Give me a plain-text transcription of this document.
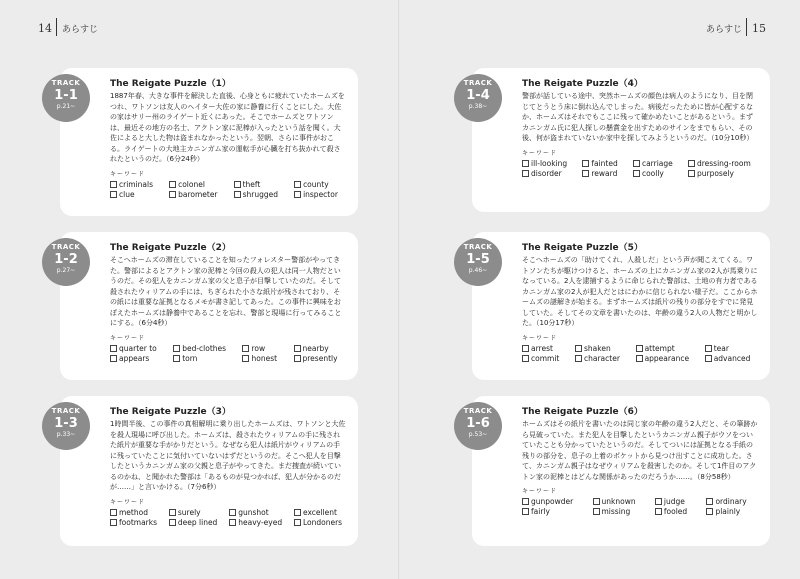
14 あらすじ
TRACK
1-1
p.21~
The Reigate Puzzle（1）

1887年春、大きな事件を解決した直後、心身ともに疲れていたホームズをつれ、ワトソンは友人のヘイター大佐の家に静養に行くことにした。大佐の家はサリー州のライゲート近くにあった。そこでホームズとワトソンは、最近その地方の名士、アクトン家に泥棒が入ったという話を聞く。大佐によると大した物は盗まれなかったという。翌朝、さらに事件がおこる。ライゲートの大地主カニンガム家の運転手が心臓を打ち抜かれて殺されたというのだ。（6分24秒）

キーワード
criminals	colonel	theft	county
clue	barometer	shrugged	inspector
TRACK
1-2
p.27~
The Reigate Puzzle（2）

そこへホームズの滞在していることを知ったフォレスター警部がやってきた。警部によるとアクトン家の泥棒と今回の殺人の犯人は同一人物だというのだ。その犯人をカニンガム家の父と息子が目撃していたのだ。そして殺されたウィリアムの手には、ちぎられた小さな紙片が残されており、その紙には重要な証拠となるメモが書き記してあった。この事件に興味をおぼえたホームズは静養中であることを忘れ、警部と現場に行ってみることにする。（6分4秒）

キーワード
quarter to	bed-clothes	row	nearby
appears	torn	honest	presently
TRACK
1-3
p.33~
The Reigate Puzzle（3）

1時間半後、この事件の真相解明に乗り出したホームズは、ワトソンと大佐を殺人現場に呼び出した。ホームズは、殺されたウィリアムの手に残された紙片が重要な手がかりだという。なぜなら犯人は紙片がウィリアムの手に残っていたことに気付いていないはずだというのだ。そこへ犯人を目撃したというカニンガム家の父親と息子がやってきた。まだ捜査が続いているのかね、と聞かれた警部は「あるものが見つかれば、犯人が分かるのだが……」と言いかける。（7分6秒）

キーワード
method	surely	gunshot	excellent
footmarks	deep lined	heavy-eyed	Londoners
あらすじ 15
TRACK
1-4
p.38~
The Reigate Puzzle（4）

警部が話している途中、突然ホームズの顔色は病人のようになり、目を閉じてとうとう床に倒れ込んでしまった。病後だったために皆が心配するなか、ホームズはそれでもここに残って確かめたいことがあるという。まずカニンガム氏に犯人探しの懸賞金を出すためのサインをまでもらい、その後、何が盗まれていないか家中を探してみようというのだ。（10分10秒）

キーワード
ill-looking	fainted	carriage	dressing-room
disorder	reward	coolly	purposely
TRACK
1-5
p.46~
The Reigate Puzzle（5）

そこへホームズの「助けてくれ、人殺しだ」という声が聞こえてくる。ワトソンたちが駆けつけると、ホームズの上にカニンガム家の2人が馬乗りになっている。2人を逮捕するように命じられた警部は、土地の有力者であるカニンガム家の2人が犯人だとはにわかに信じられない様子だ。ここからホームズの謎解きが始まる。まずホームズは紙片の残りの部分をすでに発見していた。そしてその文章を書いたのは、年齢の違う2人の人物だと明かした。（10分17秒）

キーワード
arrest	shaken	attempt	tear
commit	character	appearance	advanced
TRACK
1-6
p.53~
The Reigate Puzzle（6）

ホームズはその紙片を書いたのは同じ家の年齢の違う2人だと、その筆跡から見破っていた。また犯人を目撃したというカニンガム親子がウソをついていたことも分かっていたというのだ。そしてついには証拠となる手紙の残りの部分を、息子の上着のポケットから見つけ出すことに成功した。さて、カニンガム親子はなぜウィリアムを殺害したのか。そして1件目のアクトン家の泥棒とはどんな関係があったのだろうか……。（8分58秒）

キーワード
gunpowder	unknown	judge	ordinary
fairly	missing	fooled	plainly
